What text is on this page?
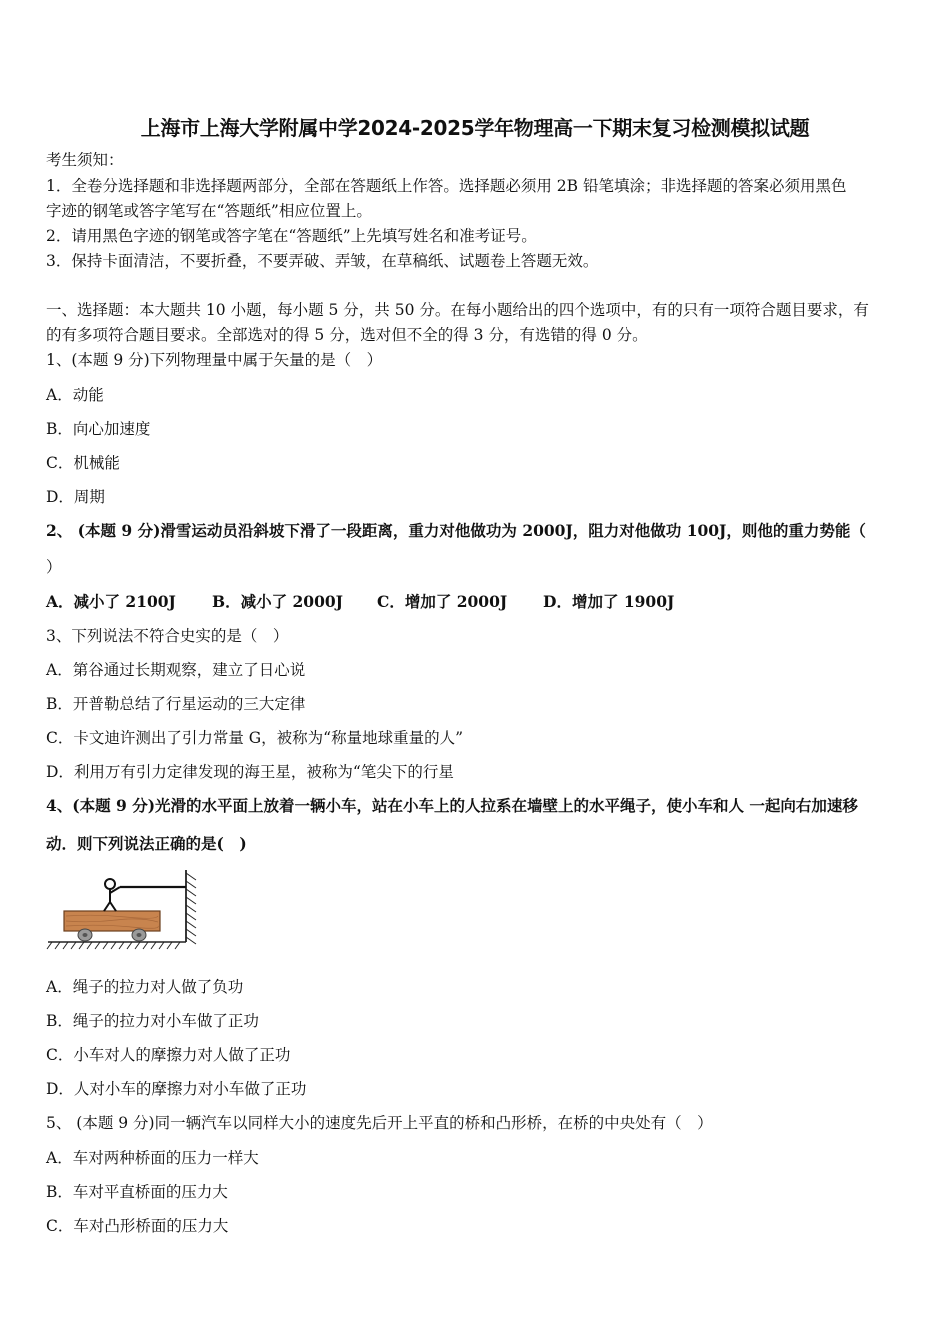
上海市上海大学附属中学2024-2025学年物理高一下期末复习检测模拟试题
考生须知：
1．全卷分选择题和非选择题两部分，全部在答题纸上作答。选择题必须用 2B 铅笔填涂；非选择题的答案必须用黑色
字迹的钢笔或答字笔写在“答题纸”相应位置上。
2．请用黑色字迹的钢笔或答字笔在“答题纸”上先填写姓名和准考证号。
3．保持卡面清洁，不要折叠，不要弄破、弄皱，在草稿纸、试题卷上答题无效。
一、选择题：本大题共 10 小题，每小题 5 分，共 50 分。在每小题给出的四个选项中，有的只有一项符合题目要求，有
的有多项符合题目要求。全部选对的得 5 分，选对但不全的得 3 分，有选错的得 0 分。
1、(本题 9 分)下列物理量中属于矢量的是（　）
A．动能
B．向心加速度
C．机械能
D．周期
2、 (本题 9 分)滑雪运动员沿斜坡下滑了一段距离，重力对他做功为 2000J，阻力对他做功 100J，则他的重力势能（
）
A．减小了 2100J B．减小了 2000J C．增加了 2000J D．增加了 1900J
3、下列说法不符合史实的是（　）
A．第谷通过长期观察，建立了日心说
B．开普勒总结了行星运动的三大定律
C．卡文迪许测出了引力常量 G，被称为“称量地球重量的人”
D．利用万有引力定律发现的海王星，被称为“笔尖下的行星
4、(本题 9 分)光滑的水平面上放着一辆小车，站在小车上的人拉系在墙壁上的水平绳子，使小车和人 一起向右加速移
动．则下列说法正确的是(　)
A．绳子的拉力对人做了负功
B．绳子的拉力对小车做了正功
C．小车对人的摩擦力对人做了正功
D．人对小车的摩擦力对小车做了正功
5、 (本题 9 分)同一辆汽车以同样大小的速度先后开上平直的桥和凸形桥，在桥的中央处有（　）
A．车对两种桥面的压力一样大
B．车对平直桥面的压力大
C．车对凸形桥面的压力大
